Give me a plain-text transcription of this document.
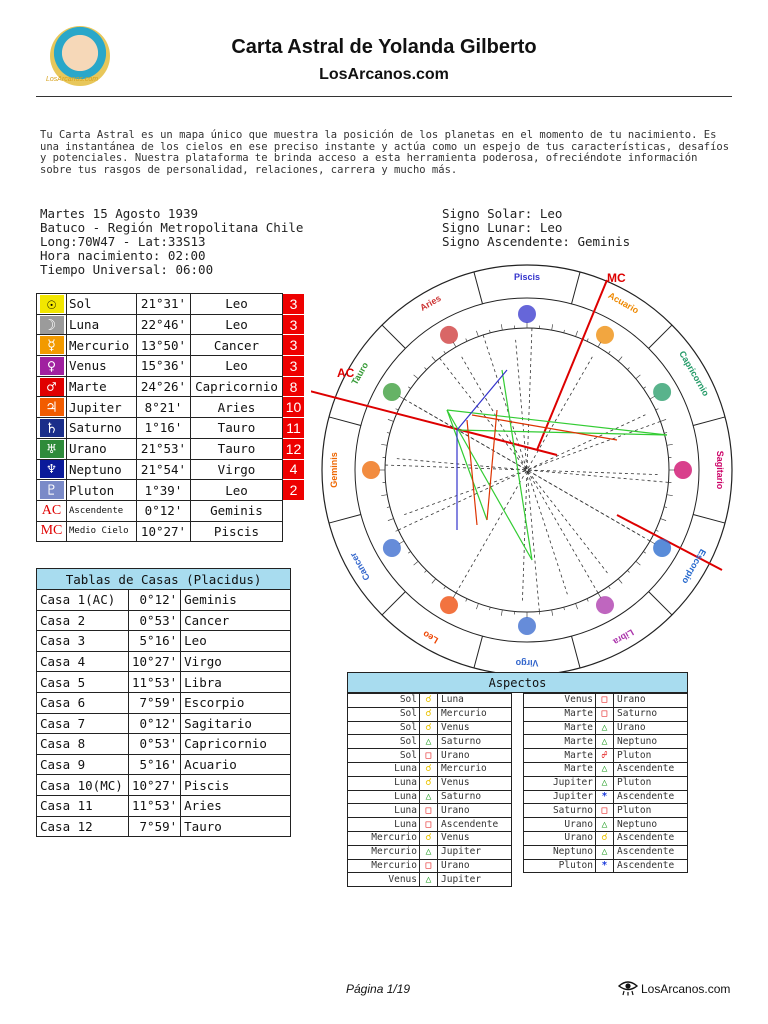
LosArcanos.com
Carta Astral de Yolanda Gilberto
LosArcanos.com
Tu Carta Astral es un mapa único que muestra la posición de los planetas en el momento de tu nacimiento. Es una instantánea de los cielos en ese preciso instante y actúa como un espejo de tus características, desafíos y potenciales. Nuestra plataforma te brinda acceso a esta herramienta poderosa, ofreciéndote información sobre tus rasgos de personalidad, relaciones, carrera y mucho más.
Martes 15 Agosto 1939
Batuco - Región Metropolitana Chile
Long:70W47 - Lat:33S13
Hora nacimiento: 02:00
Tiempo Universal: 06:00
Signo Solar: Leo
Signo Lunar: Leo
Signo Ascendente: Geminis
☉	Sol	21°31'	Leo	3
☽	Luna	22°46'	Leo	3
☿	Mercurio	13°50'	Cancer	3
♀	Venus	15°36'	Leo	3
♂	Marte	24°26'	Capricornio	8
♃	Jupiter	8°21'	Aries	10
♄	Saturno	1°16'	Tauro	11
♅	Urano	21°53'	Tauro	12
♆	Neptuno	21°54'	Virgo	4
♇	Pluton	1°39'	Leo	2
AC	Ascendente	0°12'	Geminis	
MC	Medio Cielo	10°27'	Piscis	
Tablas de Casas (Placidus)		
Casa 1(AC)	0°12'	Geminis
Casa 2	0°53'	Cancer
Casa 3	5°16'	Leo
Casa 4	10°27'	Virgo
Casa 5	11°53'	Libra
Casa 6	7°59'	Escorpio
Casa 7	0°12'	Sagitario
Casa 8	0°53'	Capricornio
Casa 9	5°16'	Acuario
Casa 10(MC)	10°27'	Piscis
Casa 11	11°53'	Aries
Casa 12	7°59'	Tauro
AC
MC
Aries
Piscis
Acuario
Capricornio
Sagitario
Escorpio
Libra
Virgo
Leo
Cancer
Geminis
Tauro
Aspectos
Sol	☌	Luna
Sol	☌	Mercurio
Sol	☌	Venus
Sol	△	Saturno
Sol	□	Urano
Luna	☌	Mercurio
Luna	☌	Venus
Luna	△	Saturno
Luna	□	Urano
Luna	□	Ascendente
Mercurio	☌	Venus
Mercurio	△	Jupiter
Mercurio	□	Urano
Venus	△	Jupiter
Venus	□	Urano
Marte	□	Saturno
Marte	△	Urano
Marte	△	Neptuno
Marte	☍	Pluton
Marte	△	Ascendente
Jupiter	△	Pluton
Jupiter	*	Ascendente
Saturno	□	Pluton
Urano	△	Neptuno
Urano	☌	Ascendente
Neptuno	△	Ascendente
Pluton	*	Ascendente
Página 1/19	LosArcanos.com
